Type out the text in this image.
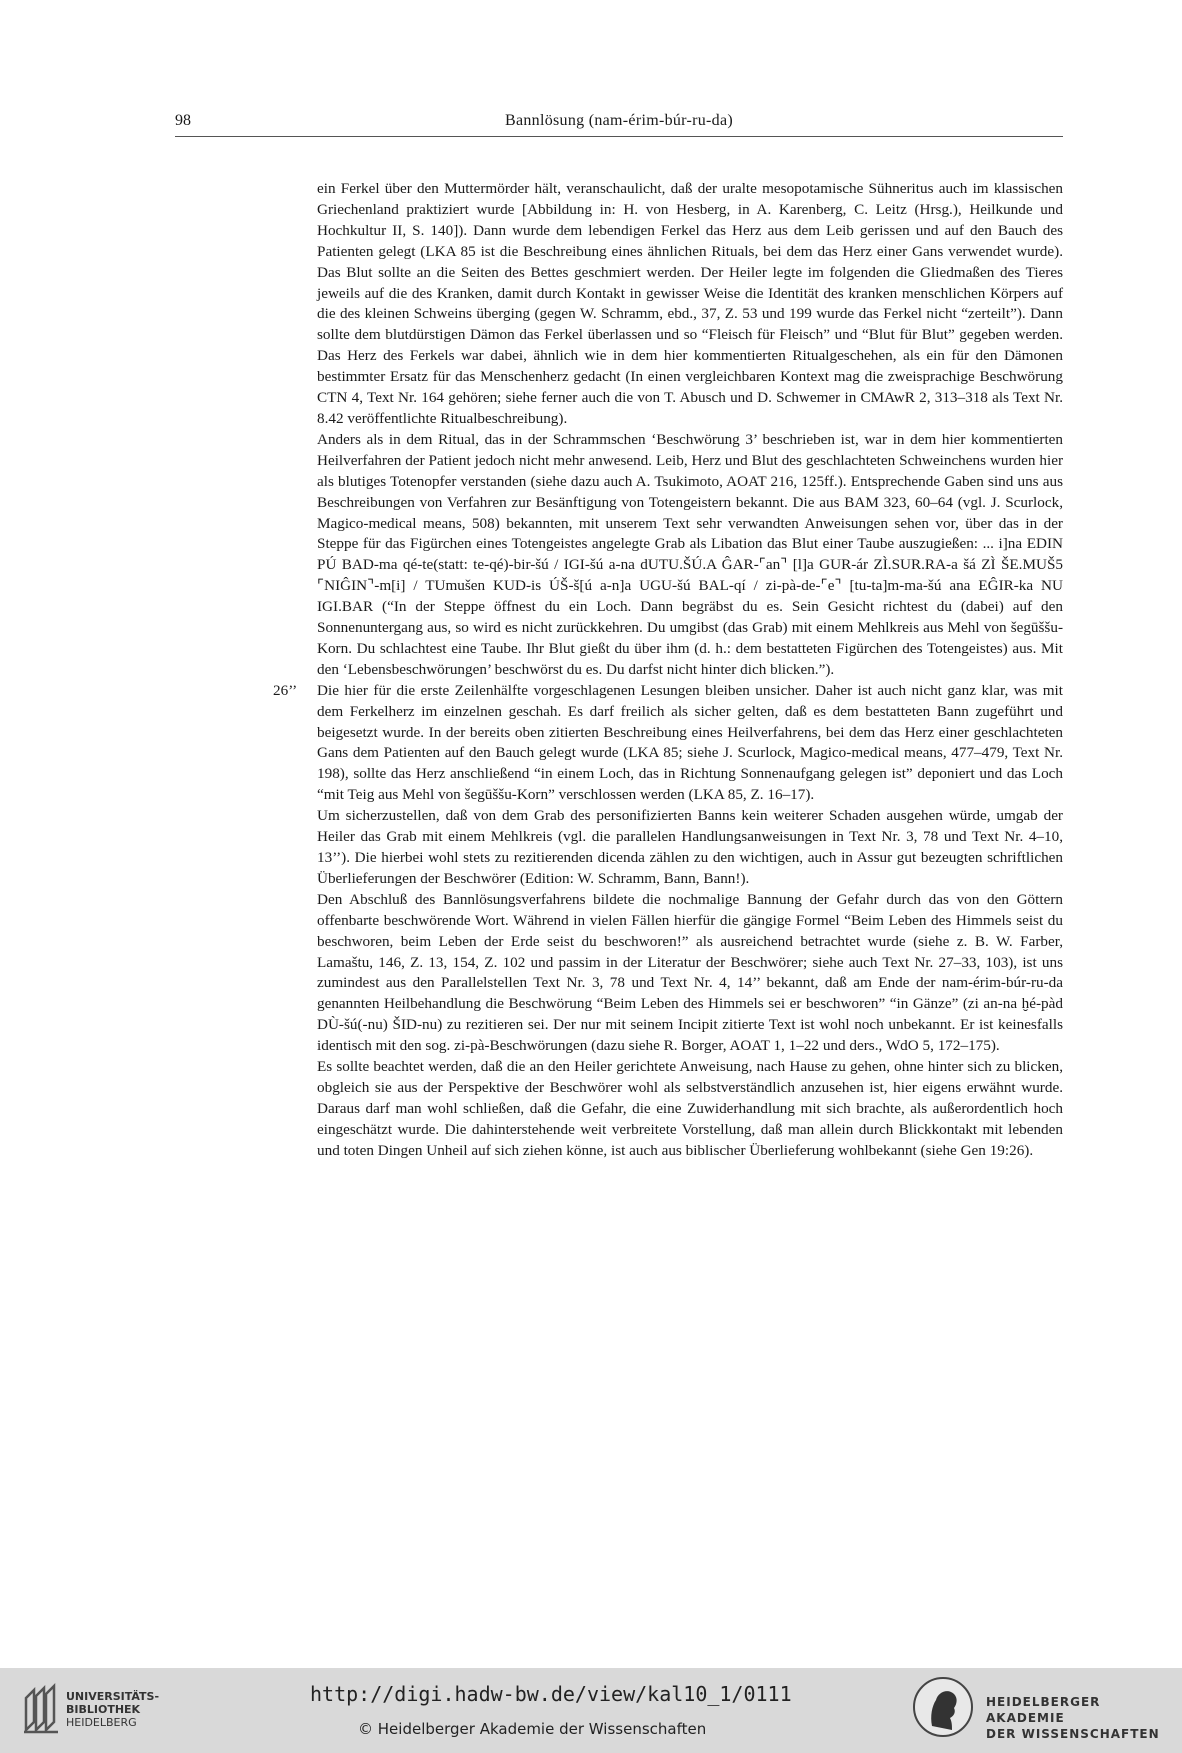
98	Bannlösung (nam-érim-búr-ru-da)

ein Ferkel über den Muttermörder hält, veranschaulicht, daß der uralte mesopotamische Sühneritus auch im klassischen Griechenland praktiziert wurde [Abbildung in: H. von Hesberg, in A. Karenberg, C. Leitz (Hrsg.), Heilkunde und Hochkultur II, S. 140]). Dann wurde dem lebendigen Ferkel das Herz aus dem Leib gerissen und auf den Bauch des Patienten gelegt (LKA 85 ist die Beschreibung eines ähnlichen Rituals, bei dem das Herz einer Gans verwendet wurde). Das Blut sollte an die Seiten des Bettes geschmiert werden. Der Heiler legte im folgenden die Gliedmaßen des Tieres jeweils auf die des Kranken, damit durch Kontakt in gewisser Weise die Identität des kranken menschlichen Körpers auf die des kleinen Schweins überging (gegen W. Schramm, ebd., 37, Z. 53 und 199 wurde das Ferkel nicht “zerteilt”). Dann sollte dem blutdürstigen Dämon das Ferkel überlassen und so “Fleisch für Fleisch” und “Blut für Blut” gegeben werden. Das Herz des Ferkels war dabei, ähnlich wie in dem hier kommentierten Ritualgeschehen, als ein für den Dämonen bestimmter Ersatz für das Menschenherz gedacht (In einen vergleichbaren Kontext mag die zweisprachige Beschwörung CTN 4, Text Nr. 164 gehören; siehe ferner auch die von T. Abusch und D. Schwemer in CMAwR 2, 313–318 als Text Nr. 8.42 veröffentlichte Ritualbeschreibung).

Anders als in dem Ritual, das in der Schrammschen ‘Beschwörung 3’ beschrieben ist, war in dem hier kommentierten Heilverfahren der Patient jedoch nicht mehr anwesend. Leib, Herz und Blut des geschlachteten Schweinchens wurden hier als blutiges Totenopfer verstanden (siehe dazu auch A. Tsukimoto, AOAT 216, 125ff.). Entsprechende Gaben sind uns aus Beschreibungen von Verfahren zur Besänftigung von Totengeistern bekannt. Die aus BAM 323, 60–64 (vgl. J. Scurlock, Magico-medical means, 508) bekannten, mit unserem Text sehr verwandten Anweisungen sehen vor, über das in der Steppe für das Figürchen eines Totengeistes angelegte Grab als Libation das Blut einer Taube auszugießen: ... i]na EDIN PÚ BAD-ma qé-te(statt: te-qé)-bir-šú / IGI-šú a-na dUTU.ŠÚ.A ĜAR-⌜an⌝ [l]a GUR-ár ZÌ.SUR.RA-a šá ZÌ ŠE.MUŠ5 ⌜NIĜIN⌝-m[i] / TUmušen KUD-is ÚŠ-š[ú a-n]a UGU-šú BAL-qí / zi-pà-de-⌜e⌝ [tu-ta]m-ma-šú ana EĜIR-ka NU IGI.BAR (“In der Steppe öffnest du ein Loch. Dann begräbst du es. Sein Gesicht richtest du (dabei) auf den Sonnenuntergang aus, so wird es nicht zurückkehren. Du umgibst (das Grab) mit einem Mehlkreis aus Mehl von šegūššu-Korn. Du schlachtest eine Taube. Ihr Blut gießt du über ihm (d. h.: dem bestatteten Figürchen des Totengeistes) aus. Mit den ‘Lebensbeschwörungen’ beschwörst du es. Du darfst nicht hinter dich blicken.”).

26’’ Die hier für die erste Zeilenhälfte vorgeschlagenen Lesungen bleiben unsicher. Daher ist auch nicht ganz klar, was mit dem Ferkelherz im einzelnen geschah. Es darf freilich als sicher gelten, daß es dem bestatteten Bann zugeführt und beigesetzt wurde. In der bereits oben zitierten Beschreibung eines Heilverfahrens, bei dem das Herz einer geschlachteten Gans dem Patienten auf den Bauch gelegt wurde (LKA 85; siehe J. Scurlock, Magico-medical means, 477–479, Text Nr. 198), sollte das Herz anschließend “in einem Loch, das in Richtung Sonnenaufgang gelegen ist” deponiert und das Loch “mit Teig aus Mehl von šegūššu-Korn” verschlossen werden (LKA 85, Z. 16–17).

Um sicherzustellen, daß von dem Grab des personifizierten Banns kein weiterer Schaden ausgehen würde, umgab der Heiler das Grab mit einem Mehlkreis (vgl. die parallelen Handlungsanweisungen in Text Nr. 3, 78 und Text Nr. 4–10, 13’’). Die hierbei wohl stets zu rezitierenden dicenda zählen zu den wichtigen, auch in Assur gut bezeugten schriftlichen Überlieferungen der Beschwörer (Edition: W. Schramm, Bann, Bann!).

Den Abschluß des Bannlösungsverfahrens bildete die nochmalige Bannung der Gefahr durch das von den Göttern offenbarte beschwörende Wort. Während in vielen Fällen hierfür die gängige Formel “Beim Leben des Himmels seist du beschworen, beim Leben der Erde seist du beschworen!” als ausreichend betrachtet wurde (siehe z. B. W. Farber, Lamaštu, 146, Z. 13, 154, Z. 102 und passim in der Literatur der Beschwörer; siehe auch Text Nr. 27–33, 103), ist uns zumindest aus den Parallelstellen Text Nr. 3, 78 und Text Nr. 4, 14’’ bekannt, daß am Ende der nam-érim-búr-ru-da genannten Heilbehandlung die Beschwörung “Beim Leben des Himmels sei er beschworen” “in Gänze” (zi an-na ḫé-pàd DÙ-šú(-nu) ŠID-nu) zu rezitieren sei. Der nur mit seinem Incipit zitierte Text ist wohl noch unbekannt. Er ist keinesfalls identisch mit den sog. zi-pà-Beschwörungen (dazu siehe R. Borger, AOAT 1, 1–22 und ders., WdO 5, 172–175).

Es sollte beachtet werden, daß die an den Heiler gerichtete Anweisung, nach Hause zu gehen, ohne hinter sich zu blicken, obgleich sie aus der Perspektive der Beschwörer wohl als selbstverständlich anzusehen ist, hier eigens erwähnt wurde. Daraus darf man wohl schließen, daß die Gefahr, die eine Zuwiderhandlung mit sich brachte, als außerordentlich hoch eingeschätzt wurde. Die dahinterstehende weit verbreitete Vorstellung, daß man allein durch Blickkontakt mit lebenden und toten Dingen Unheil auf sich ziehen könne, ist auch aus biblischer Überlieferung wohlbekannt (siehe Gen 19:26).

UNIVERSITÄTS-
BIBLIOTHEK
HEIDELBERG
http://digi.hadw-bw.de/view/kal10_1/0111
© Heidelberger Akademie der Wissenschaften
HEIDELBERGER AKADEMIE
DER WISSENSCHAFTEN
